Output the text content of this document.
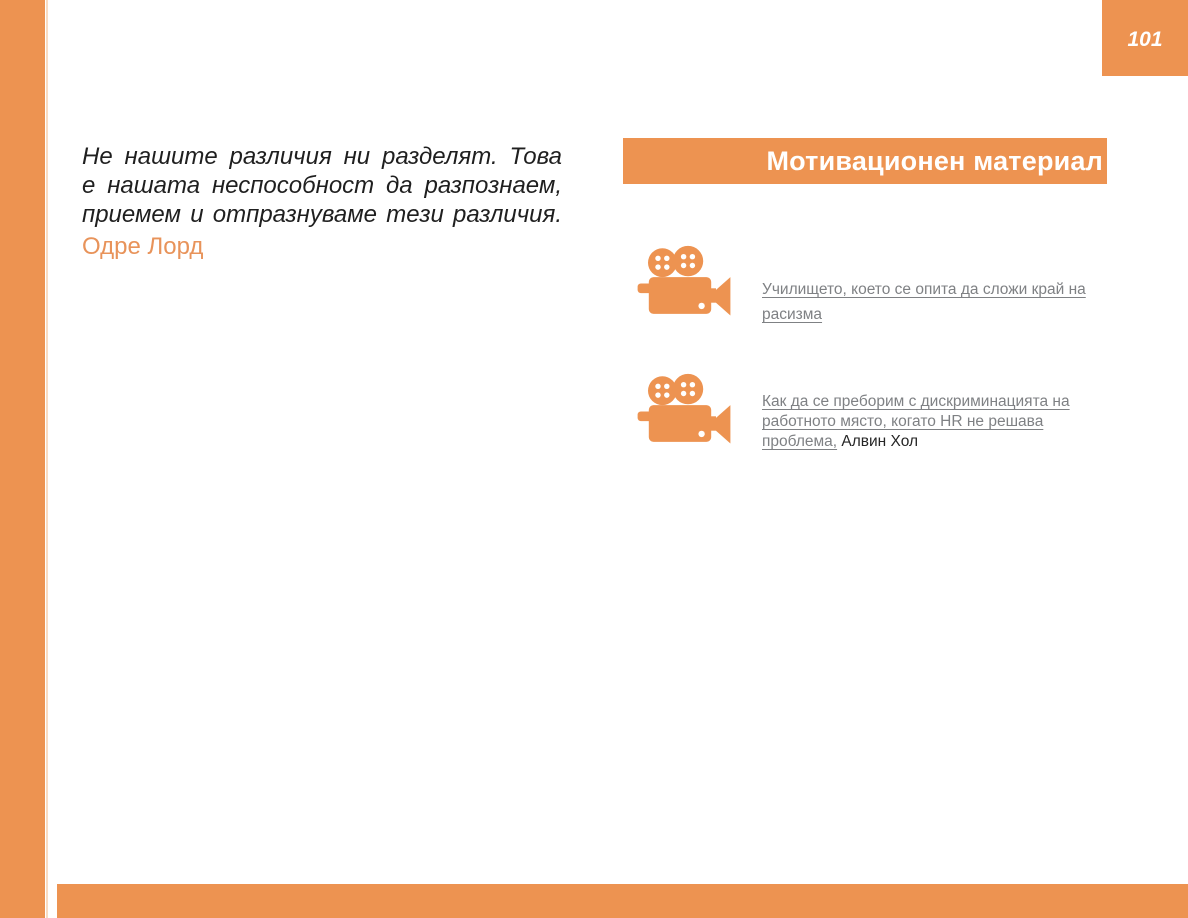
101
Не нашите различия ни разделят. Това
е нашата неспособност да разпознаем,
приемем и отпразнуваме тези различия.
Одре Лорд
Мотивационен материал
Училището, което се опита да сложи край на расизма
Как да се преборим с дискриминацията на работното място, когато HR не решава проблема, Алвин Хол
